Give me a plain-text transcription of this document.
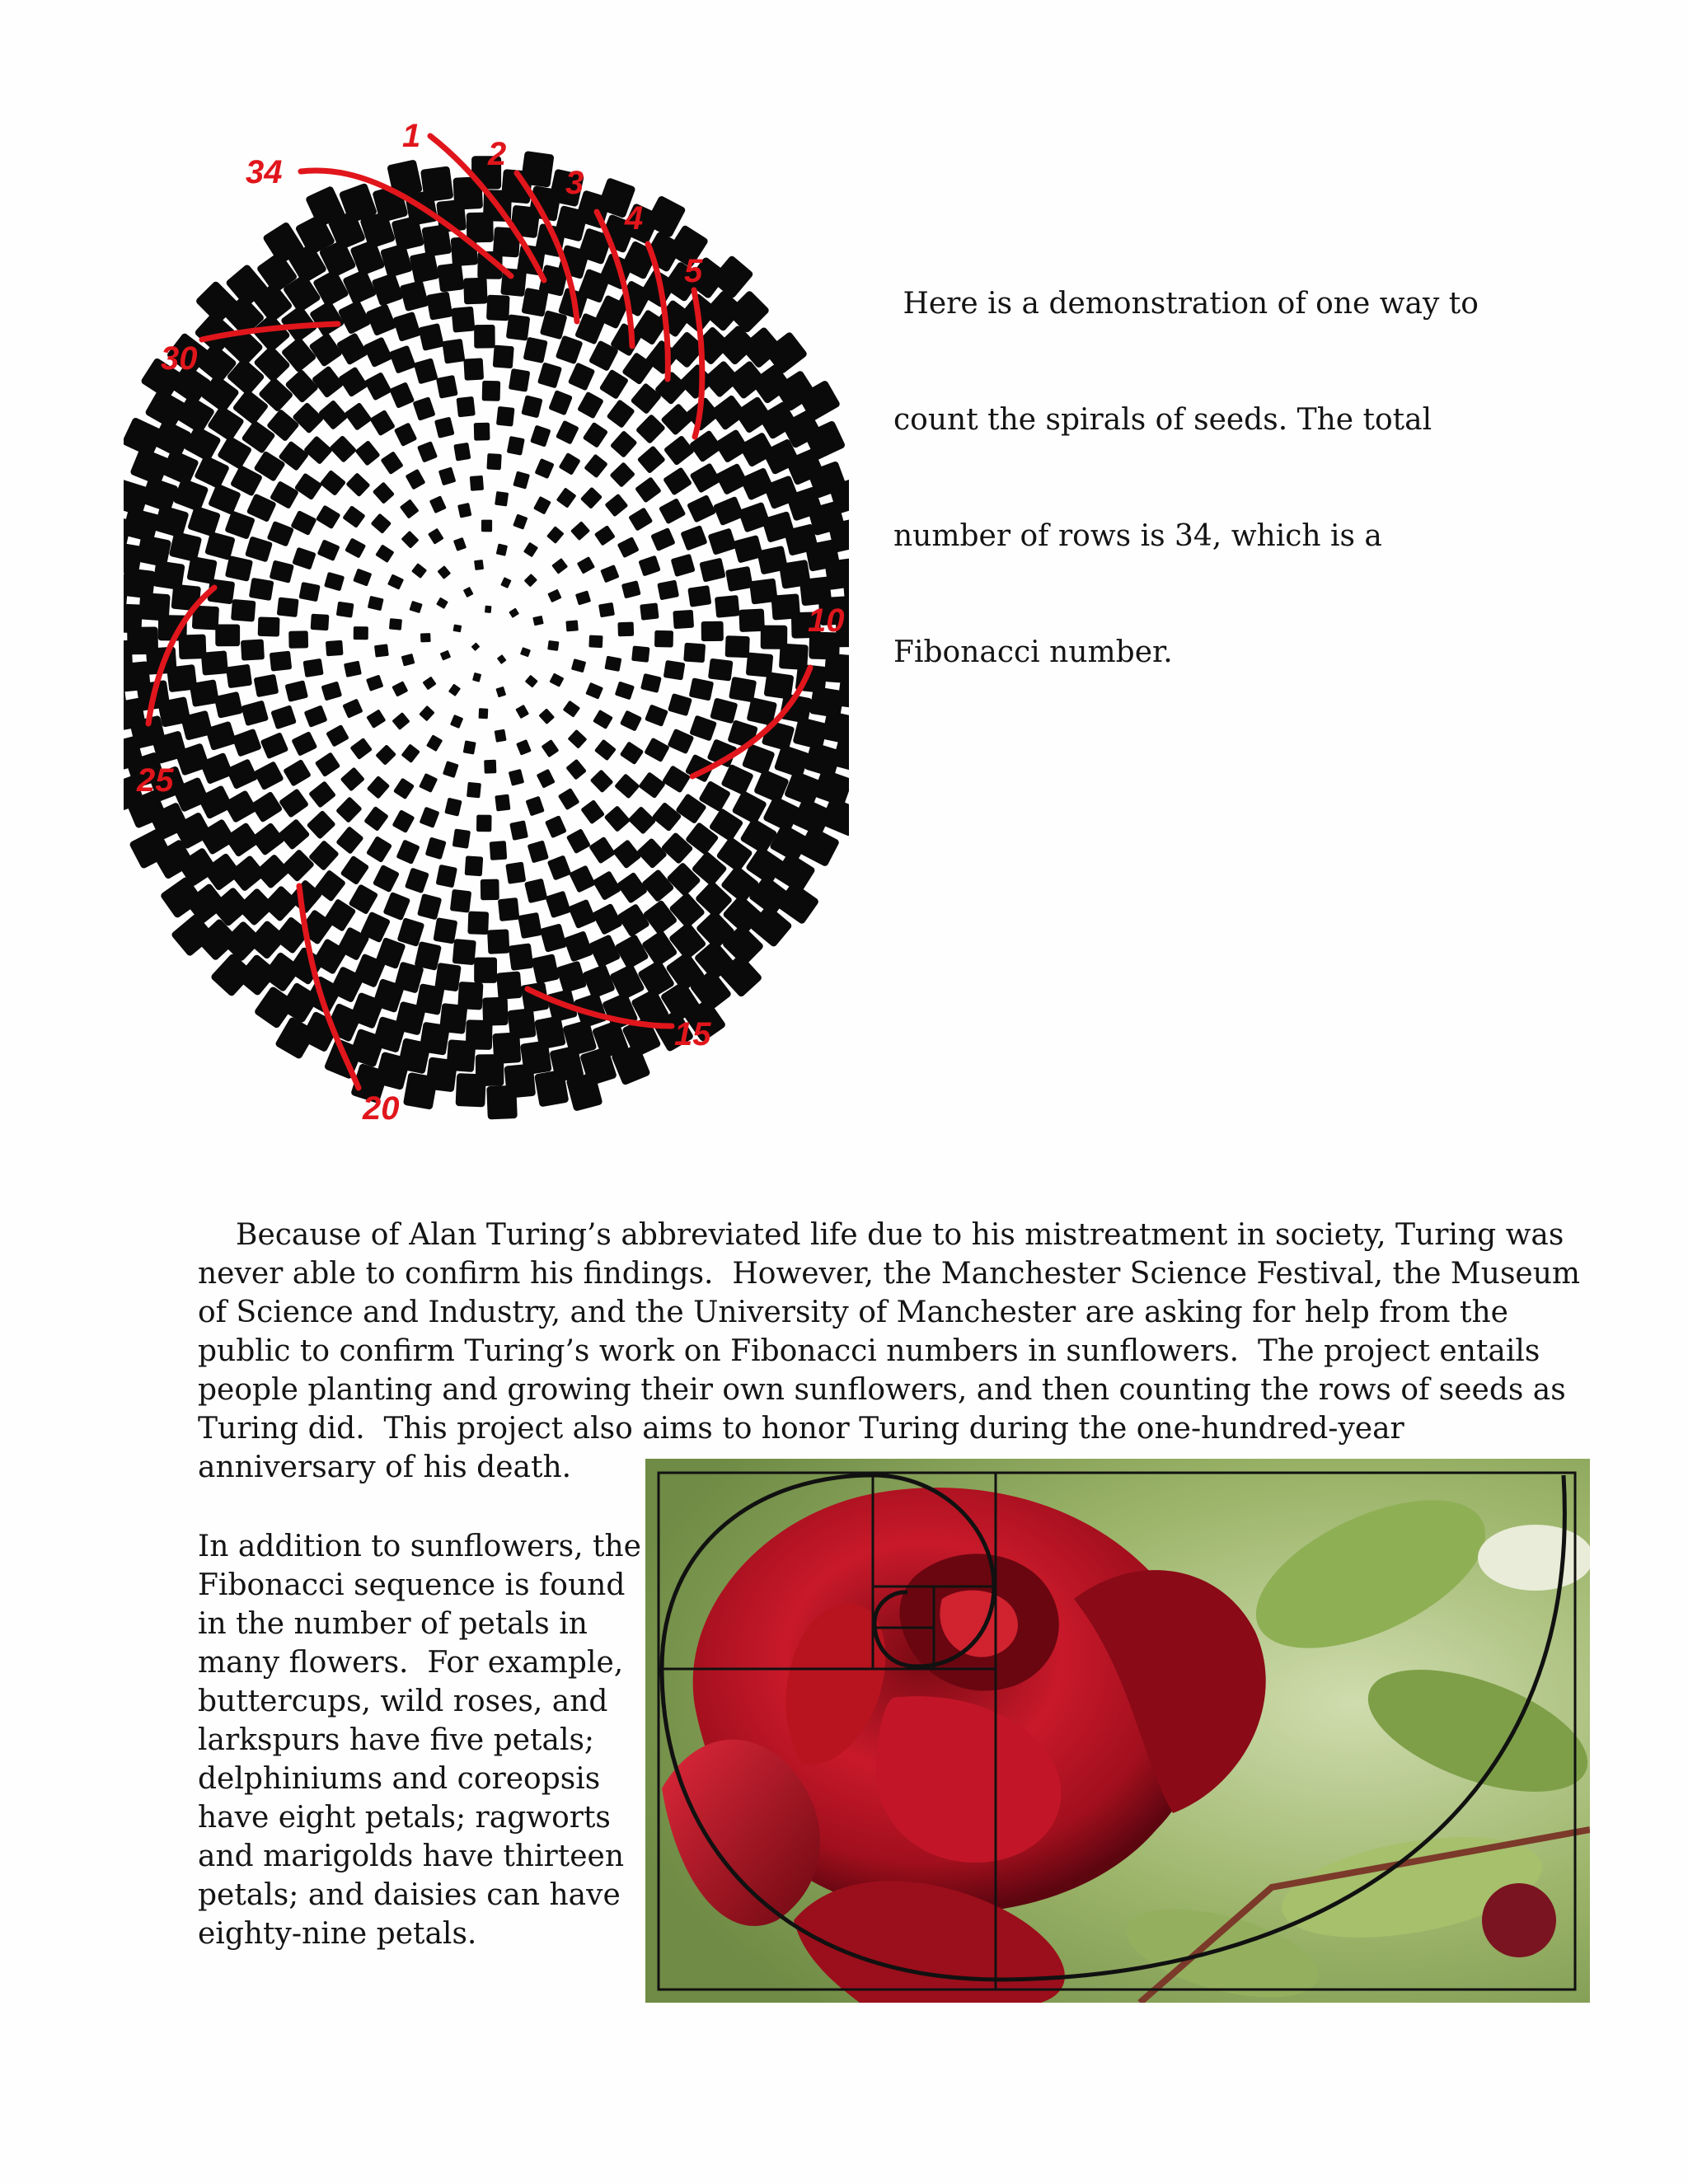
34
1 2
3
4
5
30
10
25
15
20

Here is a demonstration of one way to

count the spirals of seeds. The total

number of rows is 34, which is a

Fibonacci number.

Because of Alan Turing’s abbreviated life due to his mistreatment in society, Turing was
never able to confirm his findings.  However, the Manchester Science Festival, the Museum
of Science and Industry, and the University of Manchester are asking for help from the
public to confirm Turing’s work on Fibonacci numbers in sunflowers.  The project entails
people planting and growing their own sunflowers, and then counting the rows of seeds as
Turing did.  This project also aims to honor Turing during the one-hundred-year
anniversary of his death.
In addition to sunflowers, the
Fibonacci sequence is found
in the number of petals in
many flowers.  For example,
buttercups, wild roses, and
larkspurs have five petals;
delphiniums and coreopsis
have eight petals; ragworts
and marigolds have thirteen
petals; and daisies can have
eighty-nine petals.
